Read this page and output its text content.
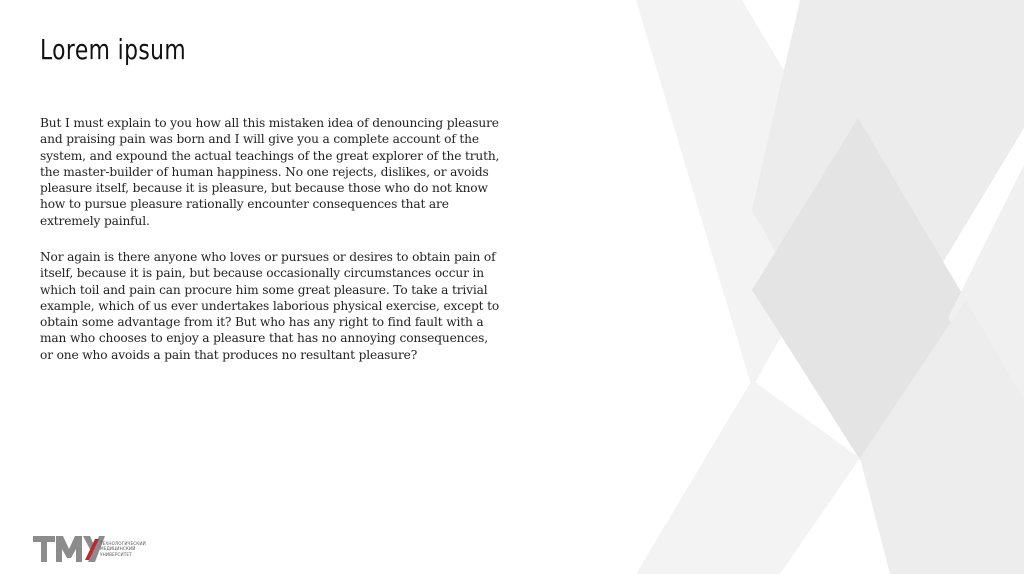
Lorem ipsum

But I must explain to you how all this mistaken idea of denouncing pleasure and praising pain was born and I will give you a complete account of the system, and expound the actual teachings of the great explorer of the truth, the master-builder of human happiness. No one rejects, dislikes, or avoids pleasure itself, because it is pleasure, but because those who do not know how to pursue pleasure rationally encounter consequences that are extremely painful.

Nor again is there anyone who loves or pursues or desires to obtain pain of itself, because it is pain, but because occasionally circumstances occur in which toil and pain can procure him some great pleasure. To take a trivial example, which of us ever undertakes laborious physical exercise, except to obtain some advantage from it? But who has any right to find fault with a man who chooses to enjoy a pleasure that has no annoying consequences, or one who avoids a pain that produces no resultant pleasure?

ТЕХНОЛОГИЧЕСКИЙ
МЕДИЦИНСКИЙ
УНИВЕРСИТЕТ
